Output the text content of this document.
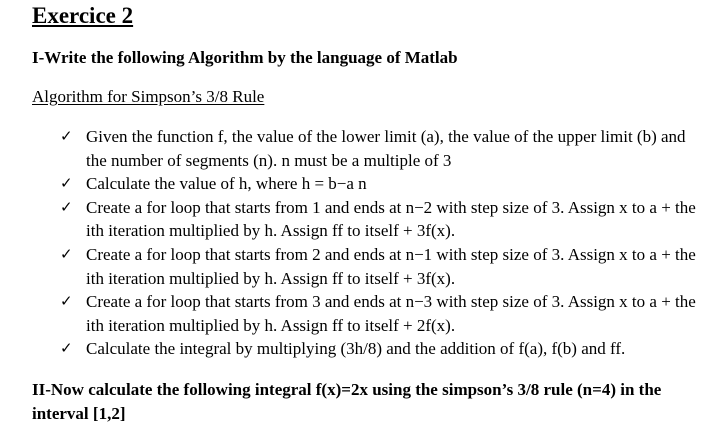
Exercice 2

I-Write the following Algorithm by the language of Matlab

Algorithm for Simpson’s 3/8 Rule

✓ Given the function f, the value of the lower limit (a), the value of the upper limit (b) and the number of segments (n). n must be a multiple of 3
✓ Calculate the value of h, where h = b−a n
✓ Create a for loop that starts from 1 and ends at n−2 with step size of 3. Assign x to a + the ith iteration multiplied by h. Assign ff to itself + 3f(x).
✓ Create a for loop that starts from 2 and ends at n−1 with step size of 3. Assign x to a + the ith iteration multiplied by h. Assign ff to itself + 3f(x).
✓ Create a for loop that starts from 3 and ends at n−3 with step size of 3. Assign x to a + the ith iteration multiplied by h. Assign ff to itself + 2f(x).
✓ Calculate the integral by multiplying (3h/8) and the addition of f(a), f(b) and ff.

II-Now calculate the following integral f(x)=2x using the simpson’s 3/8 rule (n=4) in the interval [1,2]
